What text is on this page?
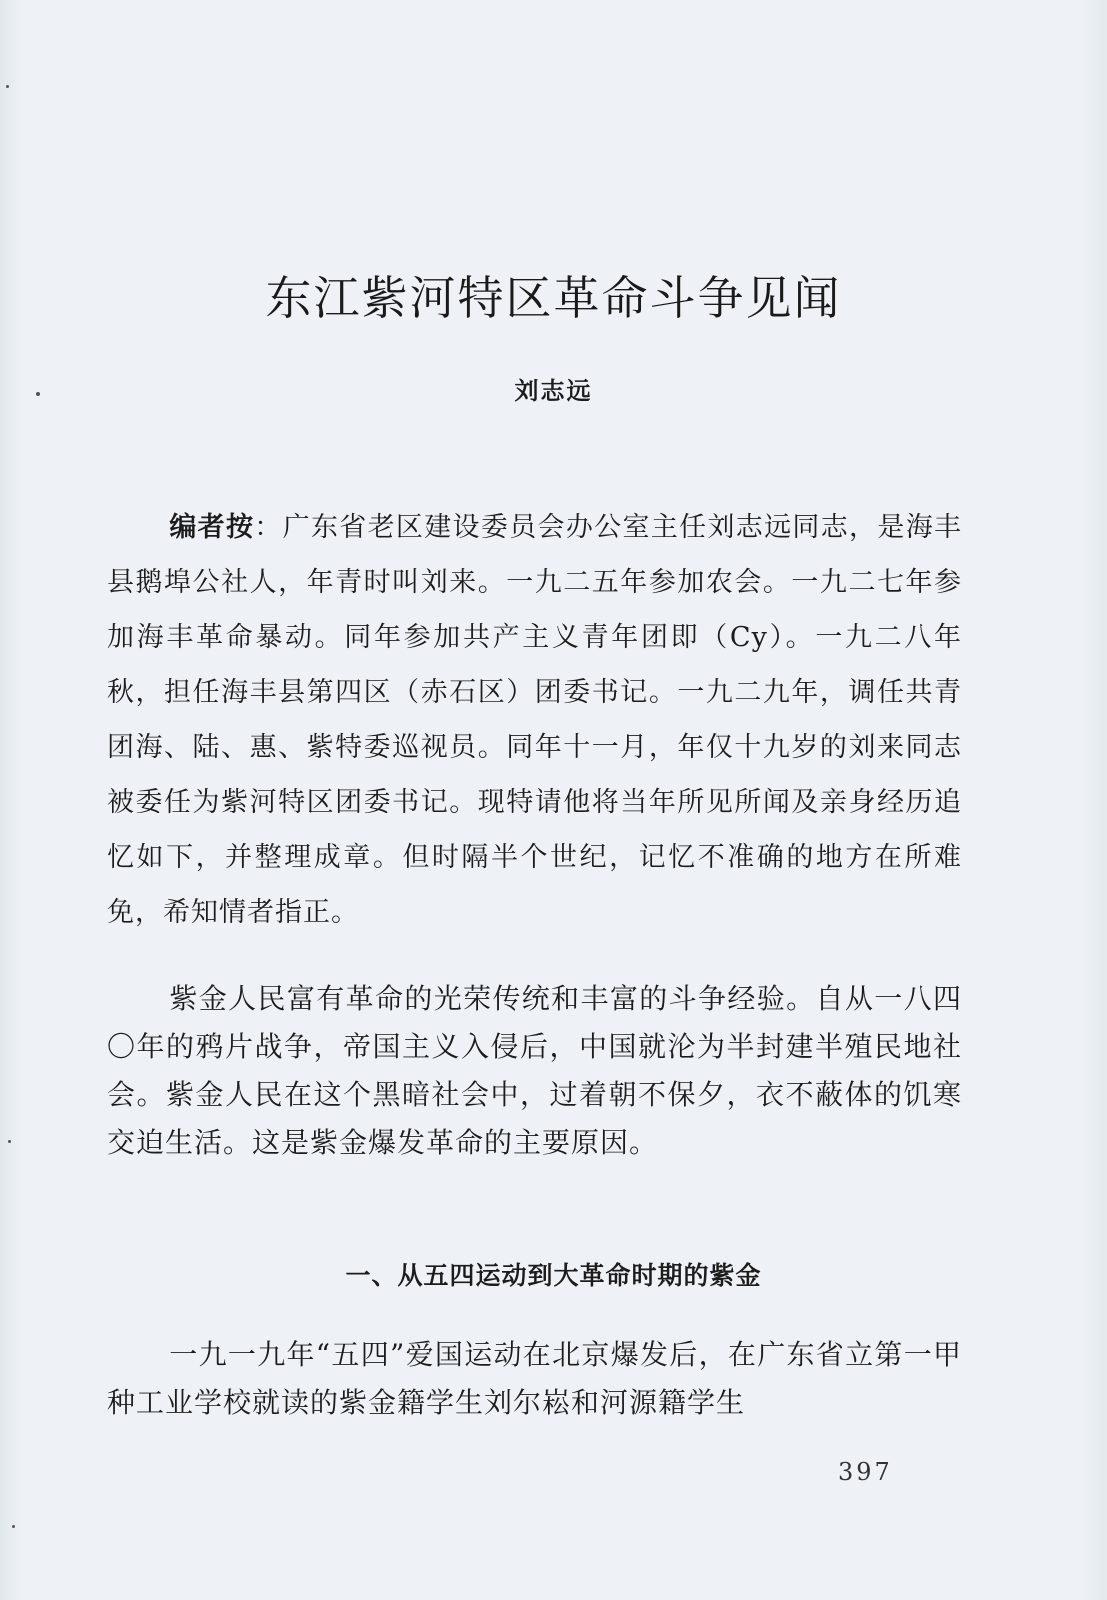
东江紫河特区革命斗争见闻
刘志远
编者按：广东省老区建设委员会办公室主任刘志远同志，是海丰县鹅埠公社人，年青时叫刘来。一九二五年参加农会。一九二七年参加海丰革命暴动。同年参加共产主义青年团即（Cy）。一九二八年秋，担任海丰县第四区（赤石区）团委书记。一九二九年，调任共青团海、陆、惠、紫特委巡视员。同年十一月，年仅十九岁的刘来同志被委任为紫河特区团委书记。现特请他将当年所见所闻及亲身经历追忆如下，并整理成章。但时隔半个世纪，记忆不准确的地方在所难免，希知情者指正。
紫金人民富有革命的光荣传统和丰富的斗争经验。自从一八四〇年的鸦片战争，帝国主义入侵后，中国就沦为半封建半殖民地社会。紫金人民在这个黑暗社会中，过着朝不保夕，衣不蔽体的饥寒交迫生活。这是紫金爆发革命的主要原因。
一、从五四运动到大革命时期的紫金
一九一九年“五四”爱国运动在北京爆发后，在广东省立第一甲种工业学校就读的紫金籍学生刘尔崧和河源籍学生
397
